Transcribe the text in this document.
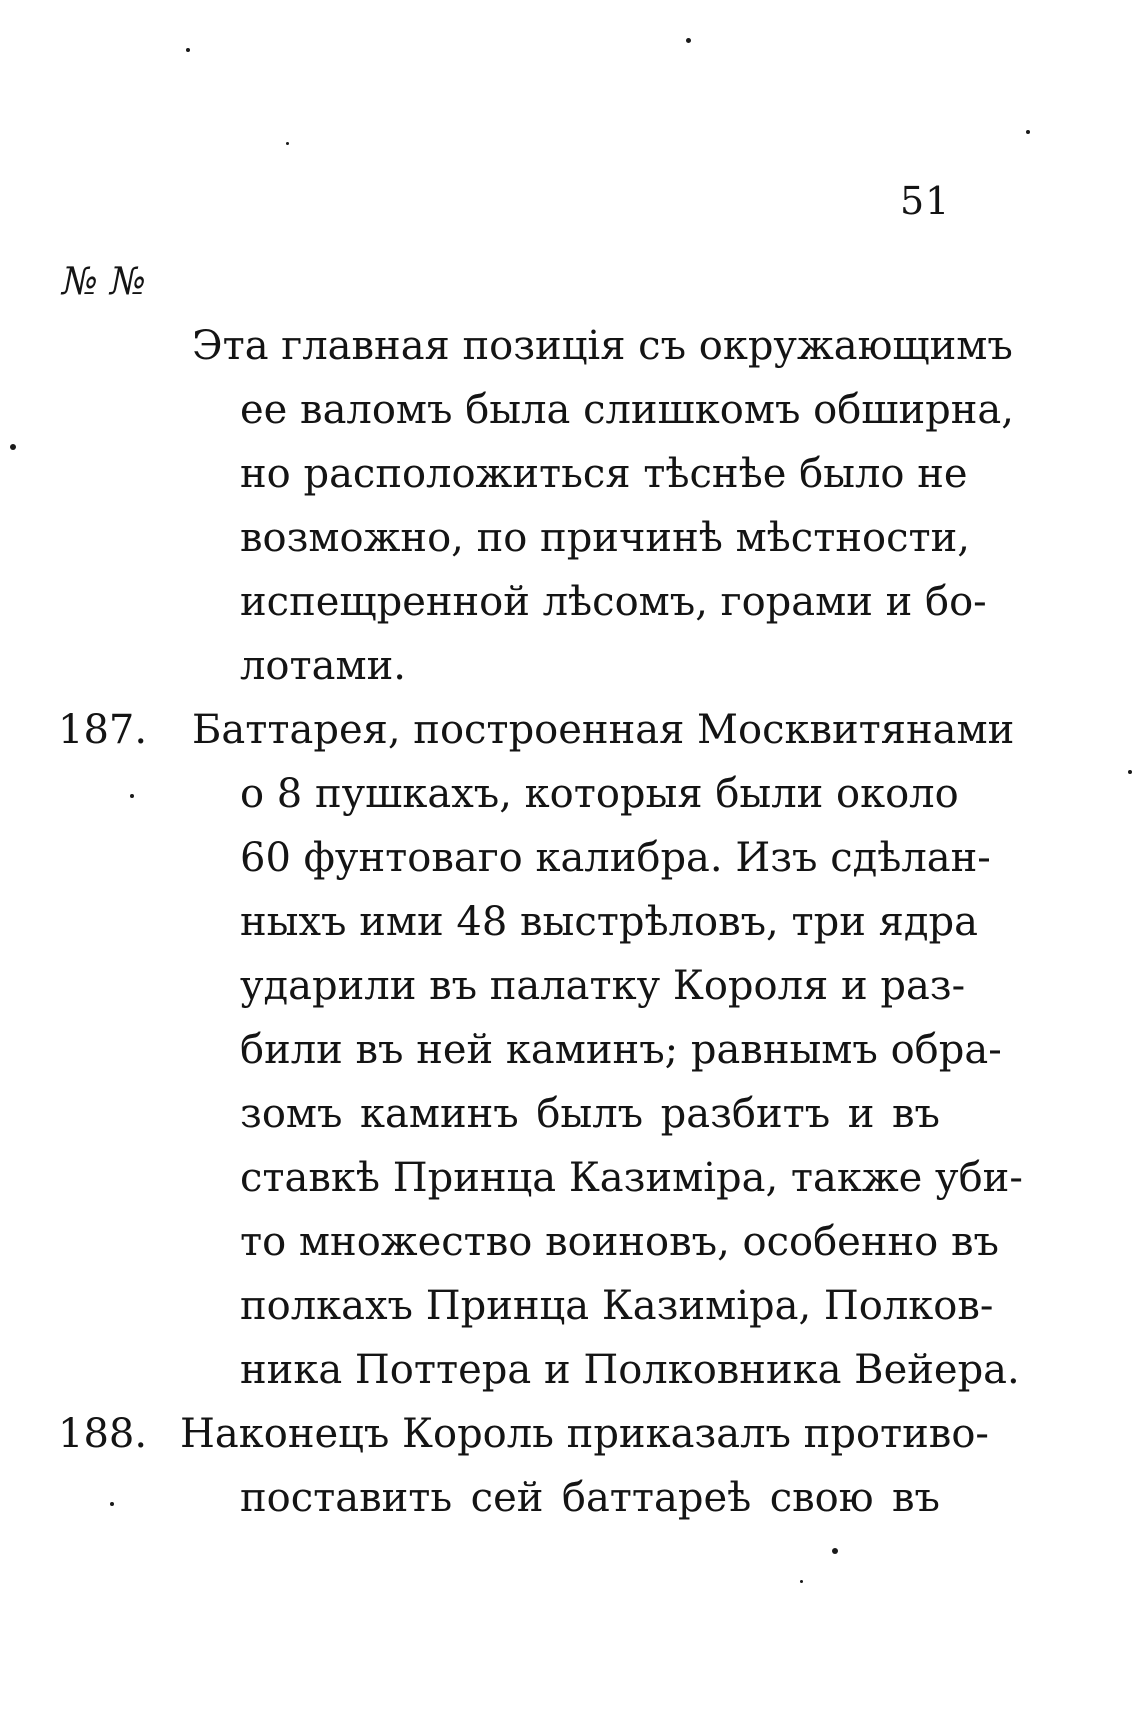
51
№ №
Эта главная позиція съ окружающимъ
ее валомъ была слишкомъ обширна,
но расположиться тѣснѣе было не
возможно, по причинѣ мѣстности,
испещренной лѣсомъ, горами и бо-
лотами.
187. Баттарея, построенная Москвитянами
о 8 пушкахъ, которыя были около
60 фунтоваго калибра. Изъ сдѣлан-
ныхъ ими 48 выстрѣловъ, три ядра
ударили въ палатку Короля и раз-
били въ ней каминъ; равнымъ обра-
зомъ каминъ былъ разбитъ и въ
ставкѣ Принца Казиміра, также уби-
то множество воиновъ, особенно въ
полкахъ Принца Казиміра, Полков-
ника Поттера и Полковника Вейера.
188. Наконецъ Король приказалъ противо-
поставить сей баттареѣ свою въ
